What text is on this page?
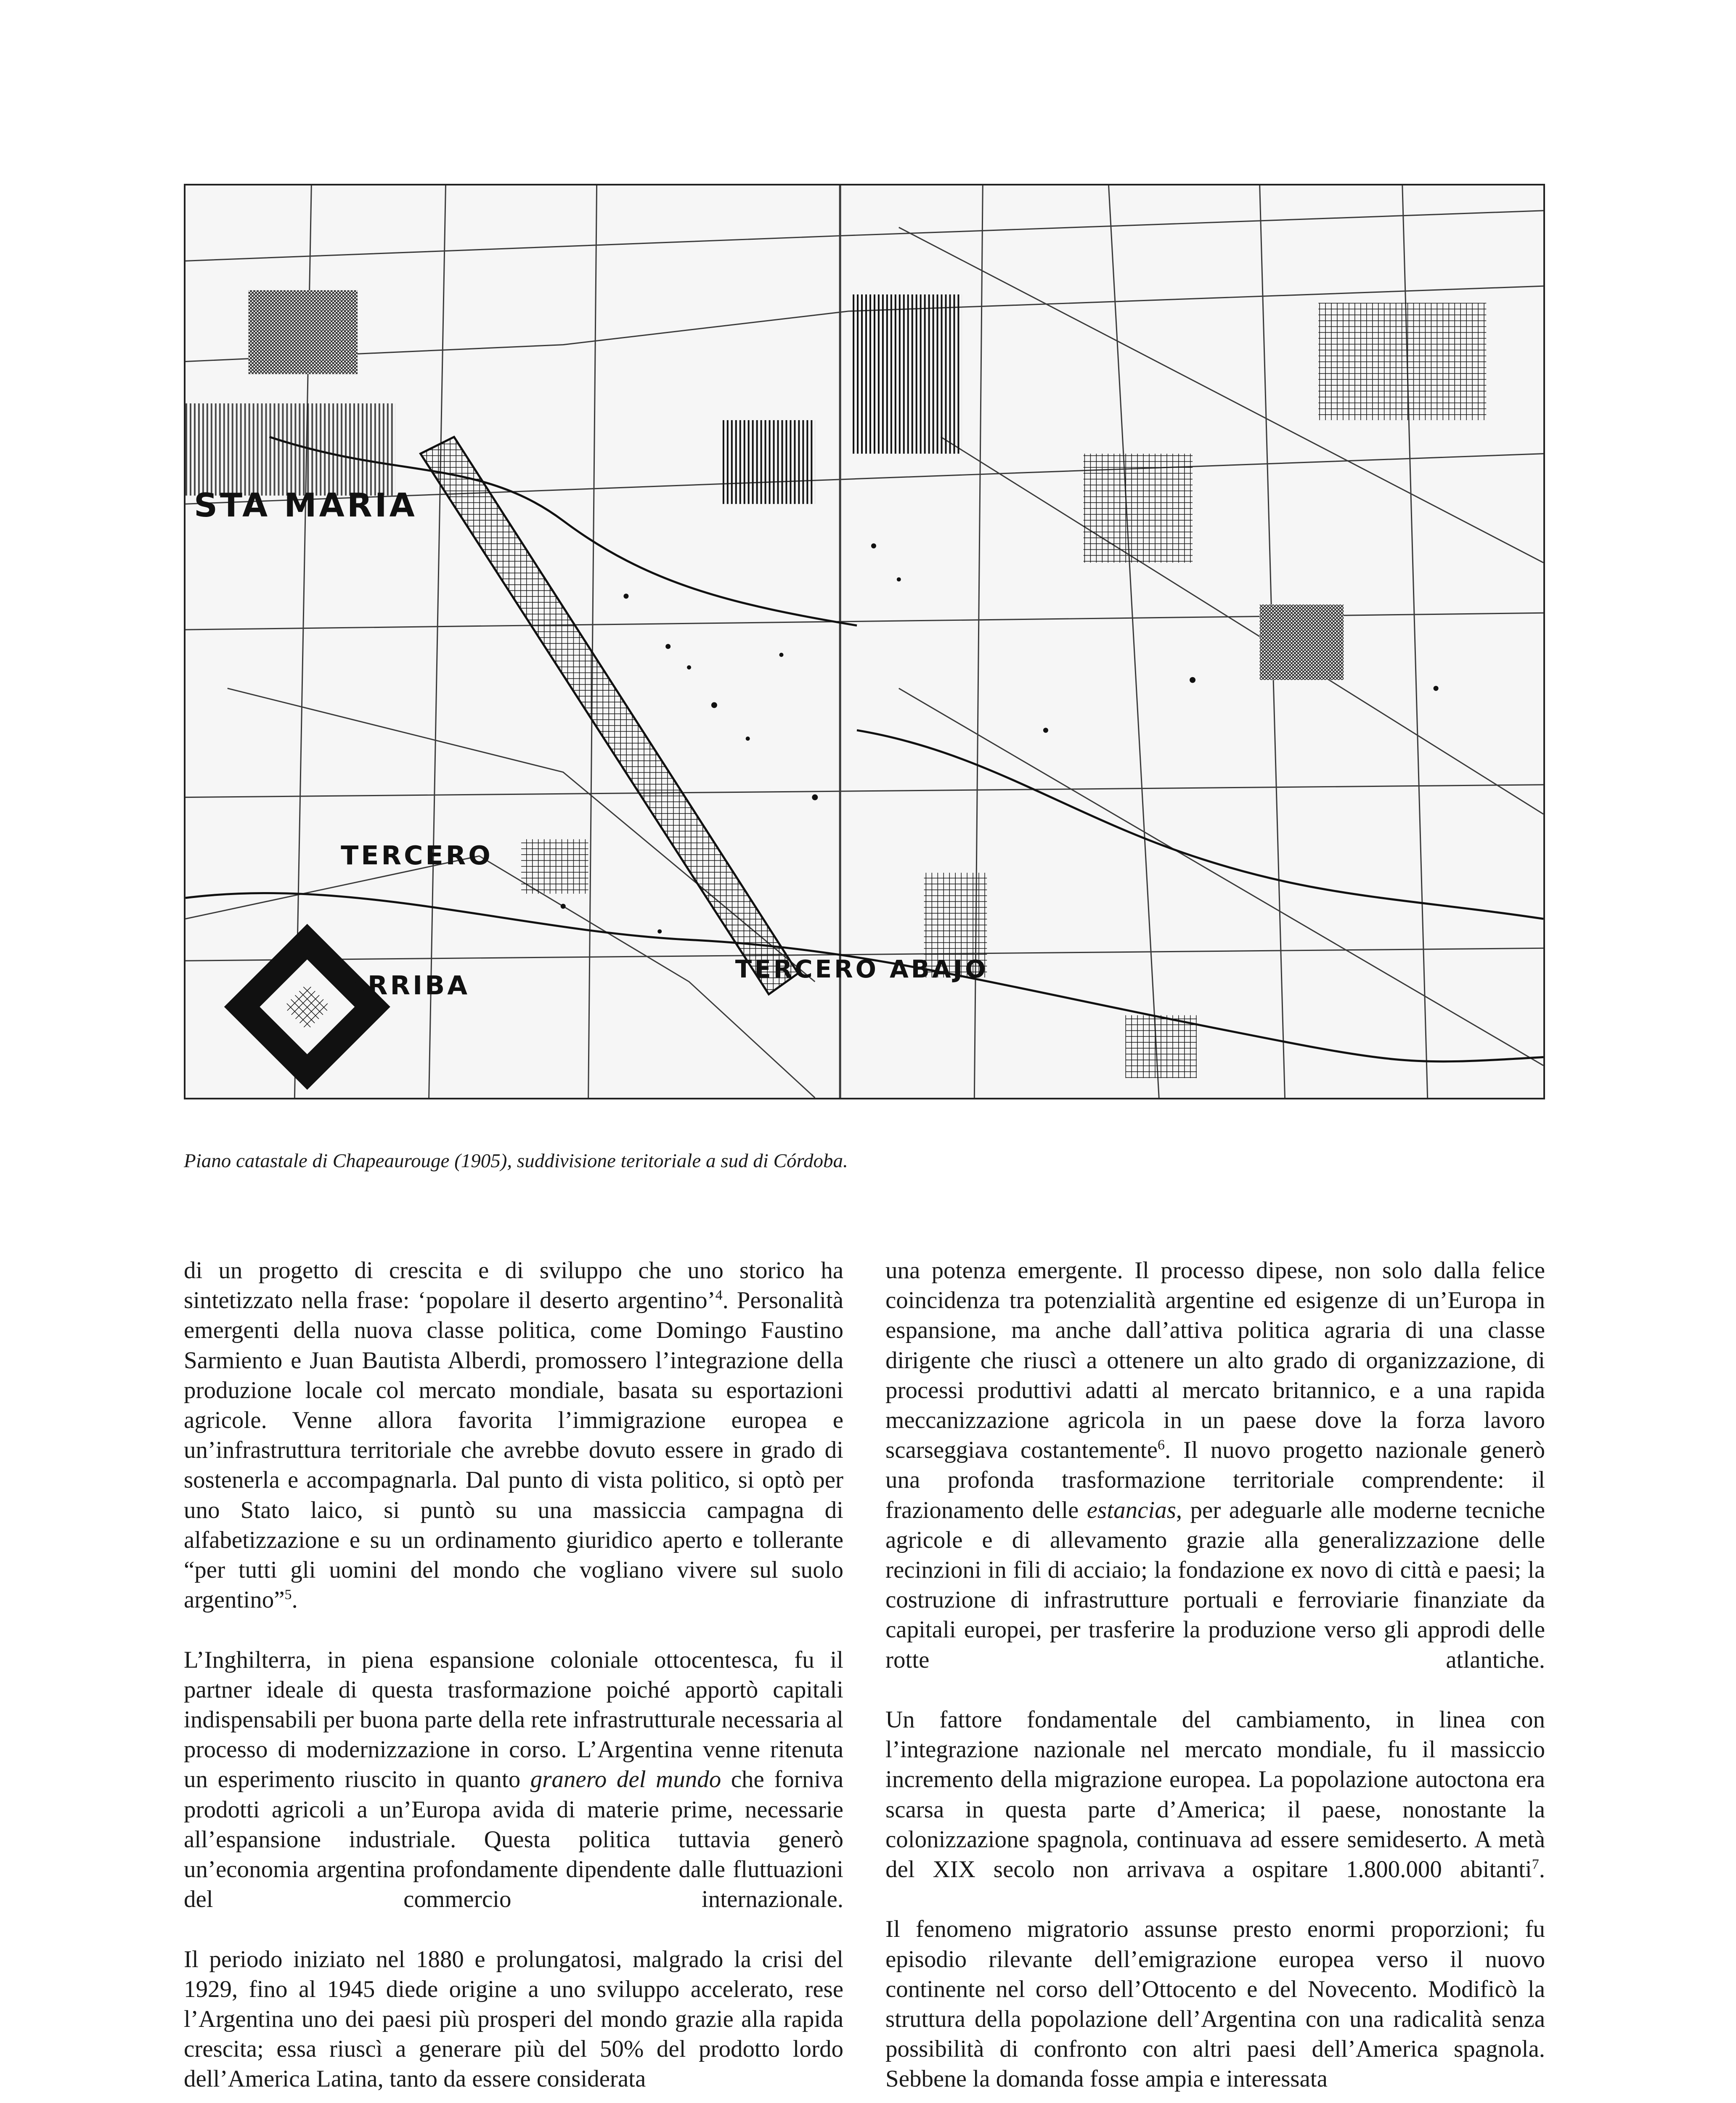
STA MARIA
TERCERO
ARRIBA
TERCERO ABAJO

Piano catastale di Chapeaurouge (1905), suddivisione teritoriale a sud di Córdoba.

di un progetto di crescita e di sviluppo che uno storico ha sintetizzato nella frase: ‘popolare il deserto argentino’$^4$. Personalità emergenti della nuova classe politica, come Domingo Faustino Sarmiento e Juan Bautista Alberdi, promossero l’integrazione della produzione locale col mercato mondiale, basata su esportazioni agricole. Venne allora favorita l’immigrazione europea e un’infrastruttura territoriale che avrebbe dovuto essere in grado di sostenerla e accompagnarla. Dal punto di vista politico, si optò per uno Stato laico, si puntò su una massiccia campagna di alfabetizzazione e su un ordinamento giuridico aperto e tollerante “per tutti gli uomini del mondo che vogliano vivere sul suolo argentino”$^5$.

L’Inghilterra, in piena espansione coloniale ottocentesca, fu il partner ideale di questa trasformazione poiché apportò capitali indispensabili per buona parte della rete infrastrutturale necessaria al processo di modernizzazione in corso. L’Argentina venne ritenuta un esperimento riuscito in quanto granero del mundo che forniva prodotti agricoli a un’Europa avida di materie prime, necessarie all’espansione industriale. Questa politica tuttavia generò un’economia argentina profondamente dipendente dalle fluttuazioni del commercio internazionale.

Il periodo iniziato nel 1880 e prolungatosi, malgrado la crisi del 1929, fino al 1945 diede origine a uno sviluppo accelerato, rese l’Argentina uno dei paesi più prosperi del mondo grazie alla rapida crescita; essa riuscì a generare più del 50% del prodotto lordo dell’America Latina, tanto da essere considerata

una potenza emergente. Il processo dipese, non solo dalla felice coincidenza tra potenzialità argentine ed esigenze di un’Europa in espansione, ma anche dall’attiva politica agraria di una classe dirigente che riuscì a ottenere un alto grado di organizzazione, di processi produttivi adatti al mercato britannico, e a una rapida meccanizzazione agricola in un paese dove la forza lavoro scarseggiava costantemente$^6$. Il nuovo progetto nazionale generò una profonda trasformazione territoriale comprendente: il frazionamento delle estancias, per adeguarle alle moderne tecniche agricole e di allevamento grazie alla generalizzazione delle recinzioni in fili di acciaio; la fondazione ex novo di città e paesi; la costruzione di infrastrutture portuali e ferroviarie finanziate da capitali europei, per trasferire la produzione verso gli approdi delle rotte atlantiche.

Un fattore fondamentale del cambiamento, in linea con l’integrazione nazionale nel mercato mondiale, fu il massiccio incremento della migrazione europea. La popolazione autoctona era scarsa in questa parte d’America; il paese, nonostante la colonizzazione spagnola, continuava ad essere semideserto. A metà del XIX secolo non arrivava a ospitare 1.800.000 abitanti$^7$.

Il fenomeno migratorio assunse presto enormi proporzioni; fu episodio rilevante dell’emigrazione europea verso il nuovo continente nel corso dell’Ottocento e del Novecento. Modificò la struttura della popolazione dell’Argentina con una radicalità senza possibilità di confronto con altri paesi dell’America spagnola. Sebbene la domanda fosse ampia e interessata
